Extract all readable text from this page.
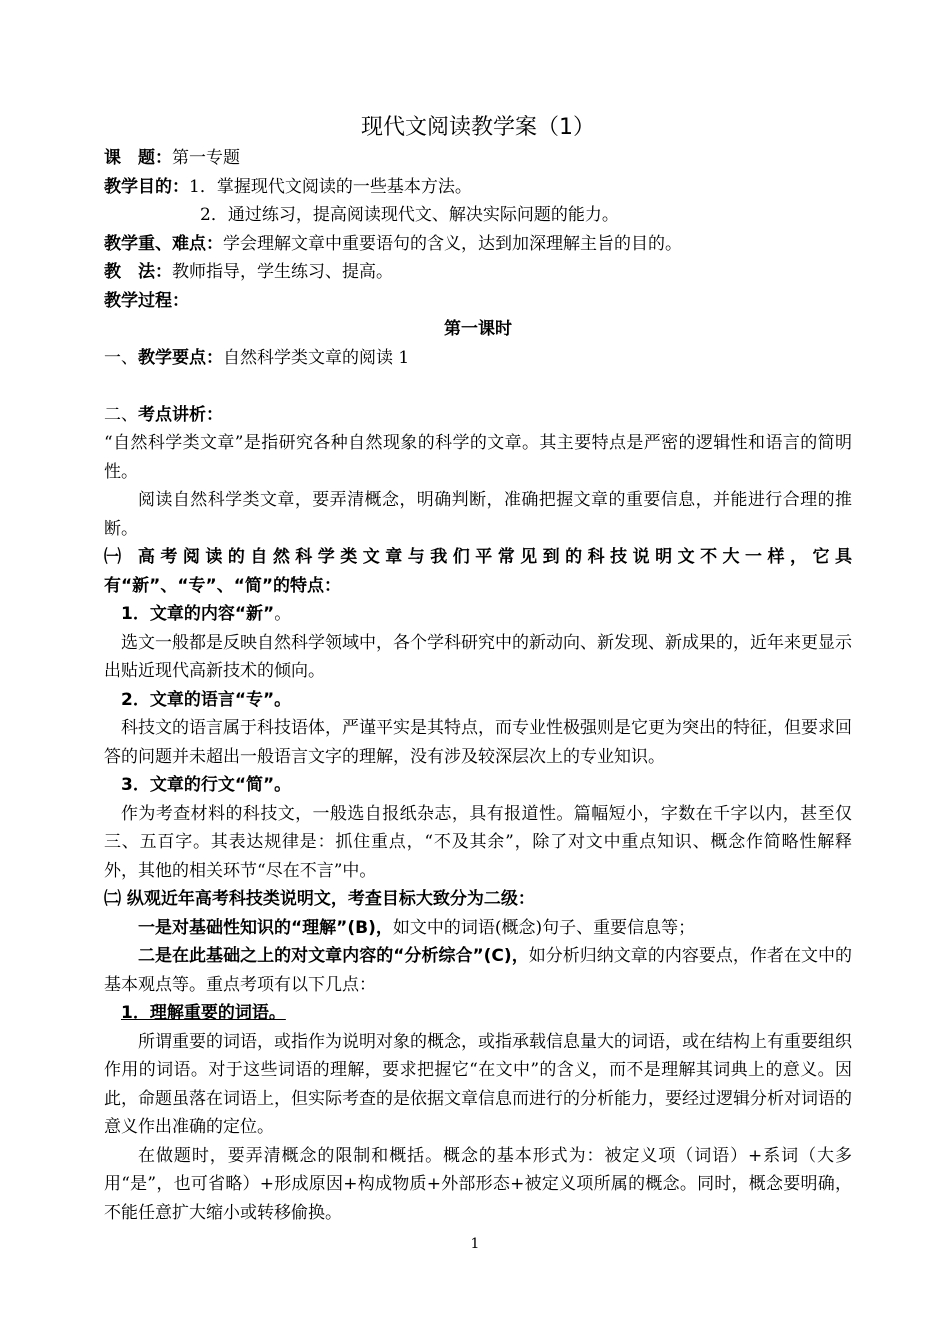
现代文阅读教学案（1）
课　题：第一专题
教学目的：1．掌握现代文阅读的一些基本方法。
2．通过练习，提高阅读现代文、解决实际问题的能力。
教学重、难点：学会理解文章中重要语句的含义，达到加深理解主旨的目的。
教　法：教师指导，学生练习、提高。
教学过程：
第一课时
一、教学要点：自然科学类文章的阅读 1
二、考点讲析：
“自然科学类文章”是指研究各种自然现象的科学的文章。其主要特点是严密的逻辑性和语言的简明性。
阅读自然科学类文章，要弄清概念，明确判断，准确把握文章的重要信息，并能进行合理的推断。
㈠ 高考阅读的自然科学类文章与我们平常见到的科技说明文不大一样，它具有“新”、“专”、“简”的特点：
1．文章的内容“新”。
选文一般都是反映自然科学领域中，各个学科研究中的新动向、新发现、新成果的，近年来更显示出贴近现代高新技术的倾向。
2．文章的语言“专”。
科技文的语言属于科技语体，严谨平实是其特点，而专业性极强则是它更为突出的特征，但要求回答的问题并未超出一般语言文字的理解，没有涉及较深层次上的专业知识。
3．文章的行文“简”。
作为考查材料的科技文，一般选自报纸杂志，具有报道性。篇幅短小，字数在千字以内，甚至仅三、五百字。其表达规律是：抓住重点，“不及其余”，除了对文中重点知识、概念作简略性解释外，其他的相关环节“尽在不言”中。
㈡ 纵观近年高考科技类说明文，考查目标大致分为二级：
一是对基础性知识的“理解”(B)，如文中的词语(概念)句子、重要信息等；
二是在此基础之上的对文章内容的“分析综合”(C)，如分析归纳文章的内容要点，作者在文中的基本观点等。重点考项有以下几点：
1．理解重要的词语。
所谓重要的词语，或指作为说明对象的概念，或指承载信息量大的词语，或在结构上有重要组织作用的词语。对于这些词语的理解，要求把握它“在文中”的含义，而不是理解其词典上的意义。因此，命题虽落在词语上，但实际考查的是依据文章信息而进行的分析能力，要经过逻辑分析对词语的意义作出准确的定位。
在做题时，要弄清概念的限制和概括。概念的基本形式为：被定义项（词语）+系词（大多用“是”，也可省略）+形成原因+构成物质+外部形态+被定义项所属的概念。同时，概念要明确，不能任意扩大缩小或转移偷换。
1
